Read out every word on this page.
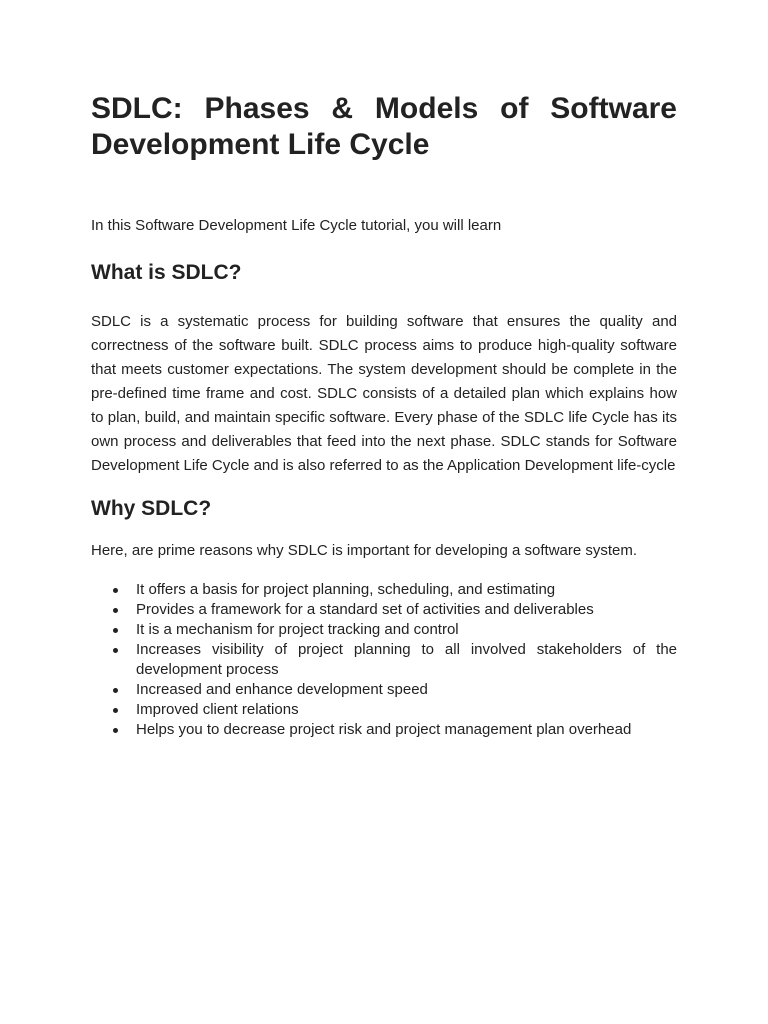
SDLC: Phases & Models of Software Development Life Cycle

In this Software Development Life Cycle tutorial, you will learn

What is SDLC?

SDLC is a systematic process for building software that ensures the quality and correctness of the software built. SDLC process aims to produce high-quality software that meets customer expectations. The system development should be complete in the pre-defined time frame and cost. SDLC consists of a detailed plan which explains how to plan, build, and maintain specific software. Every phase of the SDLC life Cycle has its own process and deliverables that feed into the next phase. SDLC stands for Software Development Life Cycle and is also referred to as the Application Development life-cycle

Why SDLC?

Here, are prime reasons why SDLC is important for developing a software system.

It offers a basis for project planning, scheduling, and estimating
Provides a framework for a standard set of activities and deliverables
It is a mechanism for project tracking and control
Increases visibility of project planning to all involved stakeholders of the development process
Increased and enhance development speed
Improved client relations
Helps you to decrease project risk and project management plan overhead
